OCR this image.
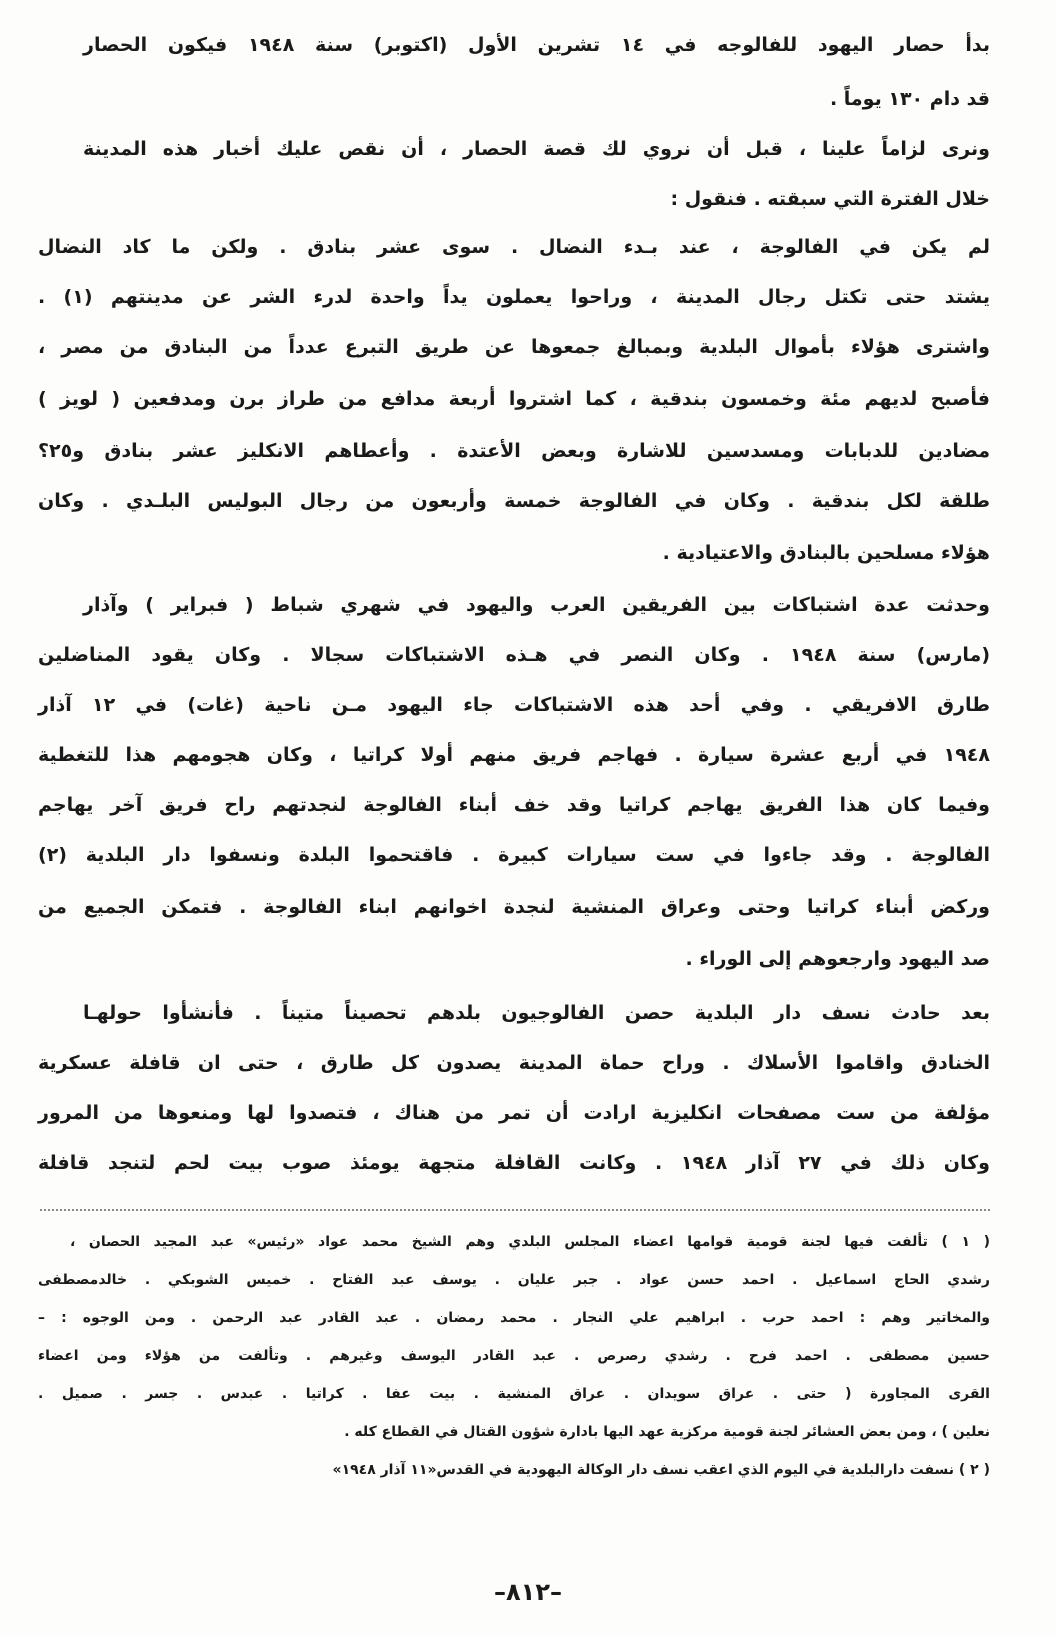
بدأ حصار اليهود للفالوجه في ١٤ تشرين الأول (اكتوبر) سنة ١٩٤٨ فيكون الحصار
قد دام ١٣٠ يوماً .
ونرى لزاماً علينا ، قبل أن نروي لك قصة الحصار ، أن نقص عليك أخبار هذه المدينة
خلال الفترة التي سبقته . فنقول :
لم يكن في الفالوجة ، عند بـدء النضال . سوى عشر بنادق . ولكن ما كاد النضال
يشتد حتى تكتل رجال المدينة ، وراحوا يعملون يداً واحدة لدرء الشر عن مدينتهم (١) .
واشترى هؤلاء بأموال البلدية وبمبالغ جمعوها عن طريق التبرع عدداً من البنادق من مصر ،
فأصبح لديهم مئة وخمسون بندقية ، كما اشتروا أربعة مدافع من طراز برن ومدفعين ( لويز )
مضادين للدبابات ومسدسين للاشارة وبعض الأعتدة . وأعطاهم الانكليز عشر بنادق و٢٥؟
طلقة لكل بندقية . وكان في الفالوجة خمسة وأربعون من رجال البوليس البلـدي . وكان
هؤلاء مسلحين بالبنادق والاعتيادية .
وحدثت عدة اشتباكات بين الفريقين العرب واليهود في شهري شباط ( فبراير ) وآذار
(مارس) سنة ١٩٤٨ . وكان النصر في هـذه الاشتباكات سجالا . وكان يقود المناضلين
طارق الافريقي . وفي أحد هذه الاشتباكات جاء اليهود مـن ناحية (غات) في ١٢ آذار
١٩٤٨ في أربع عشرة سيارة . فهاجم فريق منهم أولا كراتيا ، وكان هجومهم هذا للتغطية
وفيما كان هذا الفريق يهاجم كراتيا وقد خف أبناء الفالوجة لنجدتهم راح فريق آخر يهاجم
الفالوجة . وقد جاءوا في ست سيارات كبيرة . فاقتحموا البلدة ونسفوا دار البلدية (٢)
وركض أبناء كراتيا وحتى وعراق المنشية لنجدة اخوانهم ابناء الفالوجة . فتمكن الجميع من
صد اليهود وارجعوهم إلى الوراء .
بعد حادث نسف دار البلدية حصن الفالوجيون بلدهم تحصيناً متيناً . فأنشأوا حولهـا
الخنادق واقاموا الأسلاك . وراح حماة المدينة يصدون كل طارق ، حتى ان قافلة عسكرية
مؤلفة من ست مصفحات انكليزية ارادت أن تمر من هناك ، فتصدوا لها ومنعوها من المرور
وكان ذلك في ٢٧ آذار ١٩٤٨ . وكانت القافلة متجهة يومئذ صوب بيت لحم لتنجد قافلة
( ١ ) تألفت فيها لجنة قومية قوامها اعضاء المجلس البلدي وهم الشيخ محمد عواد «رئيس» عبد المجيد الحصان ،
رشدي الحاج اسماعيل . احمد حسن عواد . جبر عليان . يوسف عبد الفتاح . خميس الشوبكي . خالدمصطفى
والمخاتير وهم : احمد حرب . ابراهيم علي النجار . محمد رمضان . عبد القادر عبد الرحمن . ومن الوجوه : –
حسين مصطفى . احمد فرح . رشدي رصرص . عبد القادر اليوسف وغيرهم . وتألفت من هؤلاء ومن اعضاء
القرى المجاورة ( حتى . عراق سويدان . عراق المنشية . بيت عفا . كراتيا . عبدس . جسر . صميل .
نعلين ) ، ومن بعض العشائر لجنة قومية مركزية عهد اليها بادارة شؤون القتال في القطاع كله .
( ٢ ) نسفت دارالبلدية في اليوم الذي اعقب نسف دار الوكالة اليهودية في القدس«١١ آذار ١٩٤٨»
–٨١٢–
